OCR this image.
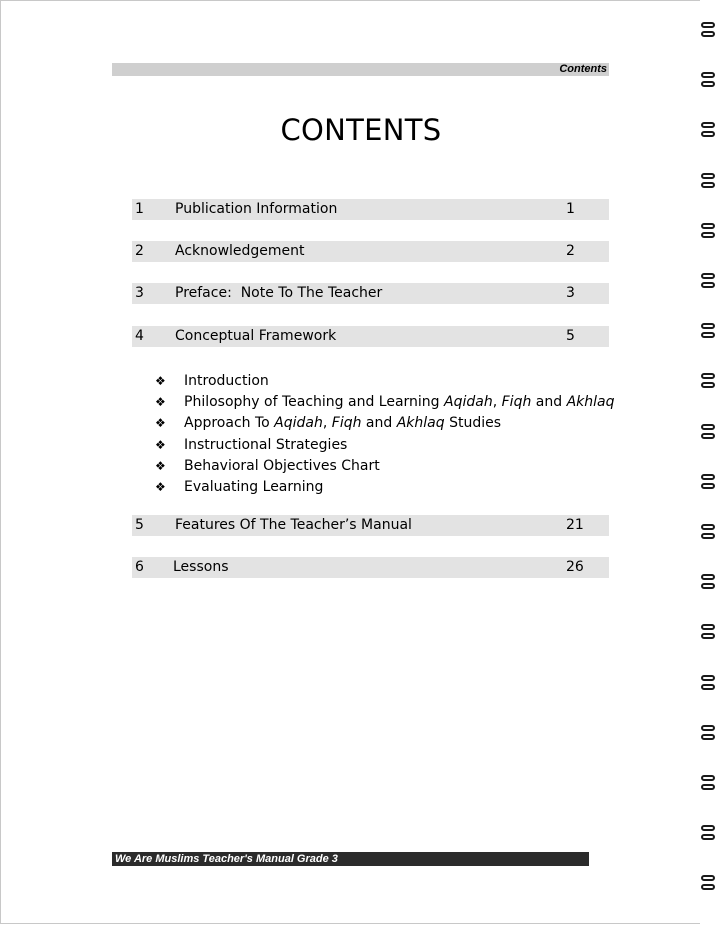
Contents
CONTENTS
1 Publication Information	1
2 Acknowledgement	2
3 Preface:  Note To The Teacher	3
4 Conceptual Framework	5
❖ Introduction
❖ Philosophy of Teaching and Learning Aqidah, Fiqh and Akhlaq
❖ Approach To Aqidah, Fiqh and Akhlaq Studies
❖ Instructional Strategies
❖ Behavioral Objectives Chart
❖ Evaluating Learning
5 Features Of The Teacher’s Manual	21
6 Lessons	26
We Are Muslims Teacher's Manual Grade 3
